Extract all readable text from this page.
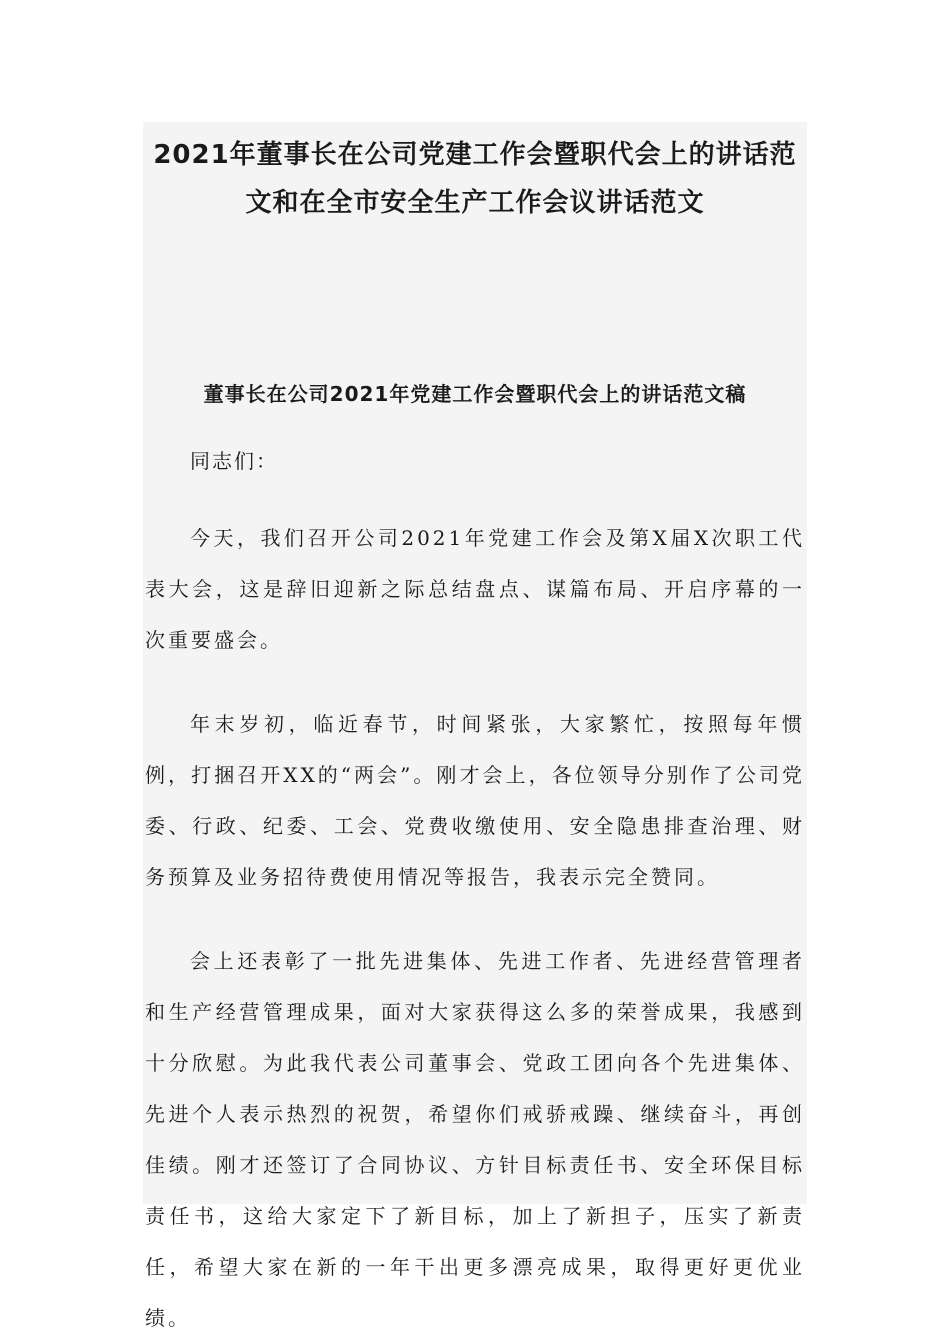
2021年董事长在公司党建工作会暨职代会上的讲话范文和在全市安全生产工作会议讲话范文
董事长在公司2021年党建工作会暨职代会上的讲话范文稿

同志们：

今天，我们召开公司2021年党建工作会及第X届X次职工代表大会，这是辞旧迎新之际总结盘点、谋篇布局、开启序幕的一次重要盛会。

年末岁初，临近春节，时间紧张，大家繁忙，按照每年惯例，打捆召开XX的“两会”。刚才会上，各位领导分别作了公司党委、行政、纪委、工会、党费收缴使用、安全隐患排查治理、财务预算及业务招待费使用情况等报告，我表示完全赞同。

会上还表彰了一批先进集体、先进工作者、先进经营管理者和生产经营管理成果，面对大家获得这么多的荣誉成果，我感到十分欣慰。为此我代表公司董事会、党政工团向各个先进集体、先进个人表示热烈的祝贺，希望你们戒骄戒躁、继续奋斗，再创佳绩。刚才还签订了合同协议、方针目标责任书、安全环保目标责任书，这给大家定下了新目标，加上了新担子，压实了新责任，希望大家在新的一年干出更多漂亮成果，取得更好更优业绩。
